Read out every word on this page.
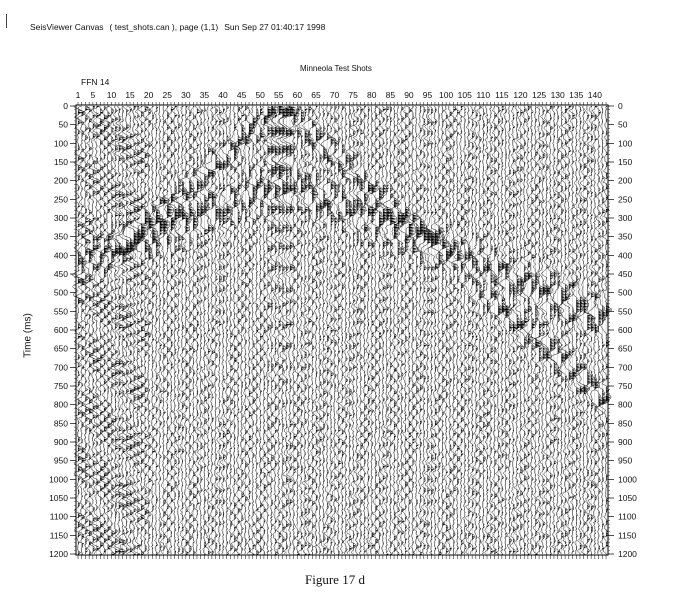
SeisViewer Canvas ( test_shots.can ), page (1,1) Sun Sep 27 01:40:17 1998
Minneola Test Shots
FFN 14
Time (ms)
1 5 10 15 20 25 30 35 40 45 50 55 60 65 70 75 80 85 90 95 100 105 110 115 120 125 130 135 140
0	0
50	50
100	100
150	150
200	200
250	250
300	300
350	350
400	400
450	450
500	500
550	550
600	600
650	650
700	700
750	750
800	800
850	850
900	900
950	950
1000	1000
1050	1050
1100	1100
1150	1150
1200	1200
Figure 17 d
